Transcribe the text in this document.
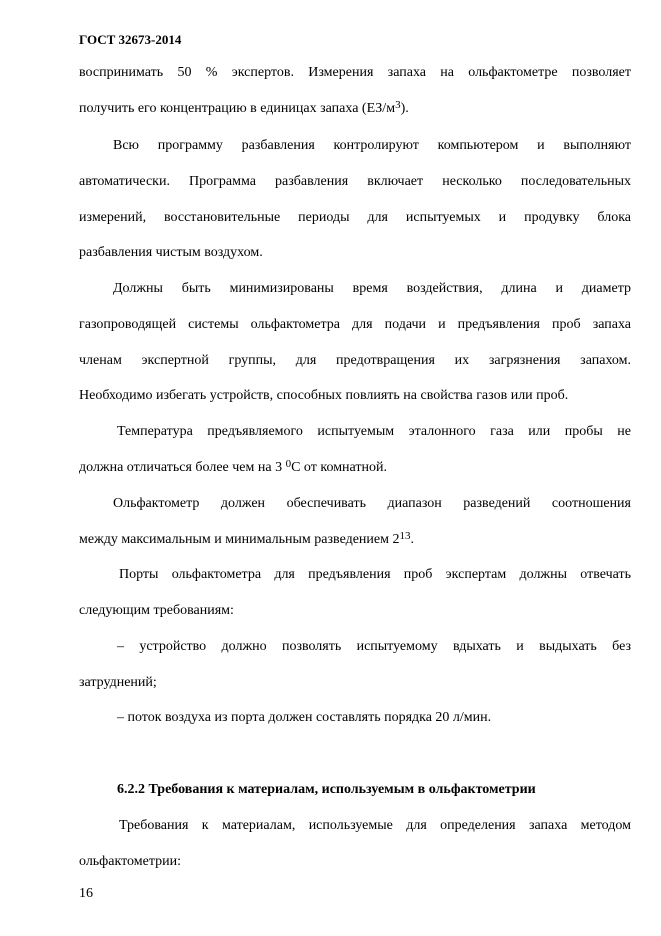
ГОСТ 32673-2014
воспринимать 50 % экспертов. Измерения запаха на ольфактометре позволяет
получить его концентрацию в единицах запаха $(ЕЗ/м^3)$.
Всю программу разбавления контролируют компьютером и выполняют
автоматически. Программа разбавления включает несколько последовательных
измерений, восстановительные периоды для испытуемых и продувку блока
разбавления чистым воздухом.
Должны быть минимизированы время воздействия, длина и диаметр
газопроводящей системы ольфактометра для подачи и предъявления проб запаха
членам экспертной группы, для предотвращения их загрязнения запахом.
Необходимо избегать устройств, способных повлиять на свойства газов или проб.
Температура предъявляемого испытуемым эталонного газа или пробы не
должна отличаться более чем на 3 $^0$С от комнатной.
Ольфактометр должен обеспечивать диапазон разведений соотношения
между максимальным и минимальным разведением $2^{13}$.
Порты ольфактометра для предъявления проб экспертам должны отвечать
следующим требованиям:
– устройство должно позволять испытуемому вдыхать и выдыхать без
затруднений;
– поток воздуха из порта должен составлять порядка 20 л/мин.
6.2.2 Требования к материалам, используемым в ольфактометрии
Требования к материалам, используемые для определения запаха методом
ольфактометрии:
16
